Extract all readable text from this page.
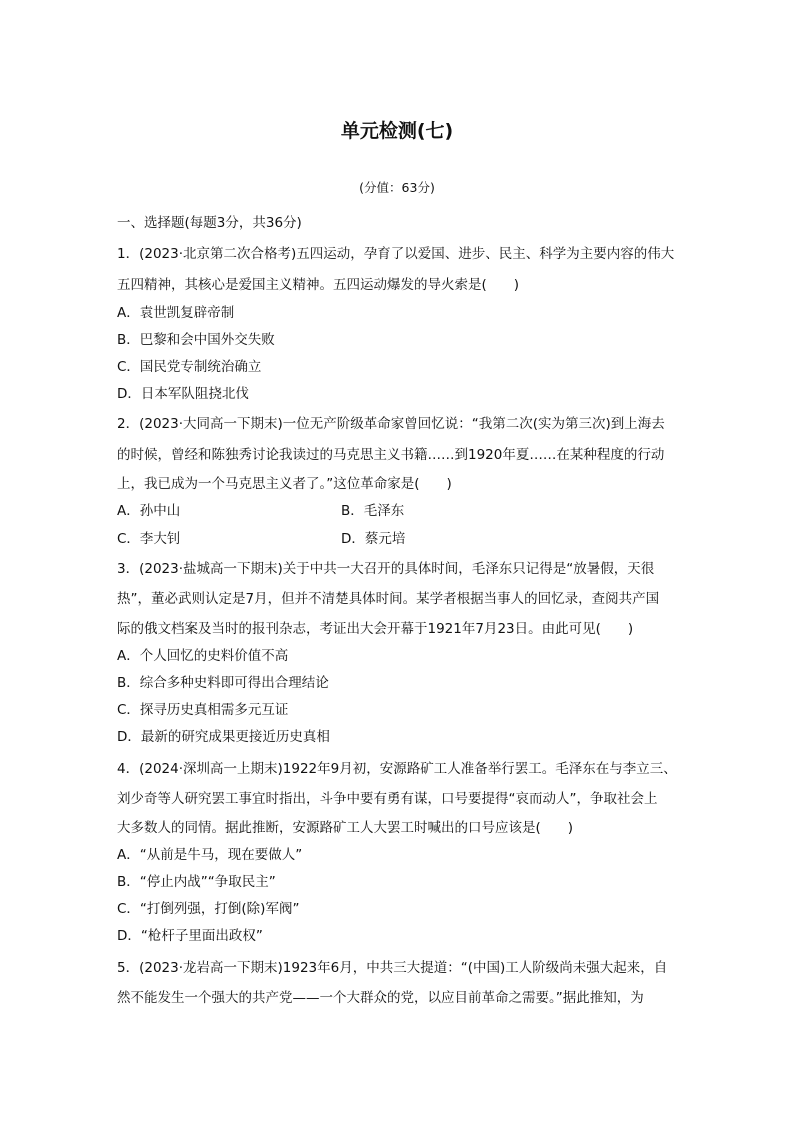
单元检测(七)
(分值：63分)
一、选择题(每题3分，共36分)
1．(2023·北京第二次合格考)五四运动，孕育了以爱国、进步、民主、科学为主要内容的伟大
五四精神，其核心是爱国主义精神。五四运动爆发的导火索是(　　)
A．袁世凯复辟帝制
B．巴黎和会中国外交失败
C．国民党专制统治确立
D．日本军队阻挠北伐
2．(2023·大同高一下期末)一位无产阶级革命家曾回忆说：“我第二次(实为第三次)到上海去
的时候，曾经和陈独秀讨论我读过的马克思主义书籍……到1920年夏……在某种程度的行动
上，我已成为一个马克思主义者了。”这位革命家是(　　)
A．孙中山	B．毛泽东
C．李大钊	D．蔡元培
3．(2023·盐城高一下期末)关于中共一大召开的具体时间，毛泽东只记得是“放暑假，天很
热”，董必武则认定是7月，但并不清楚具体时间。某学者根据当事人的回忆录，查阅共产国
际的俄文档案及当时的报刊杂志，考证出大会开幕于1921年7月23日。由此可见(　　)
A．个人回忆的史料价值不高
B．综合多种史料即可得出合理结论
C．探寻历史真相需多元互证
D．最新的研究成果更接近历史真相
4．(2024·深圳高一上期末)1922年9月初，安源路矿工人准备举行罢工。毛泽东在与李立三、
刘少奇等人研究罢工事宜时指出，斗争中要有勇有谋，口号要提得“哀而动人”，争取社会上
大多数人的同情。据此推断，安源路矿工人大罢工时喊出的口号应该是(　　)
A．“从前是牛马，现在要做人”
B．“停止内战”“争取民主”
C．“打倒列强，打倒(除)军阀”
D．“枪杆子里面出政权”
5．(2023·龙岩高一下期末)1923年6月，中共三大提道：“(中国)工人阶级尚未强大起来，自
然不能发生一个强大的共产党——一个大群众的党，以应目前革命之需要。”据此推知，为
